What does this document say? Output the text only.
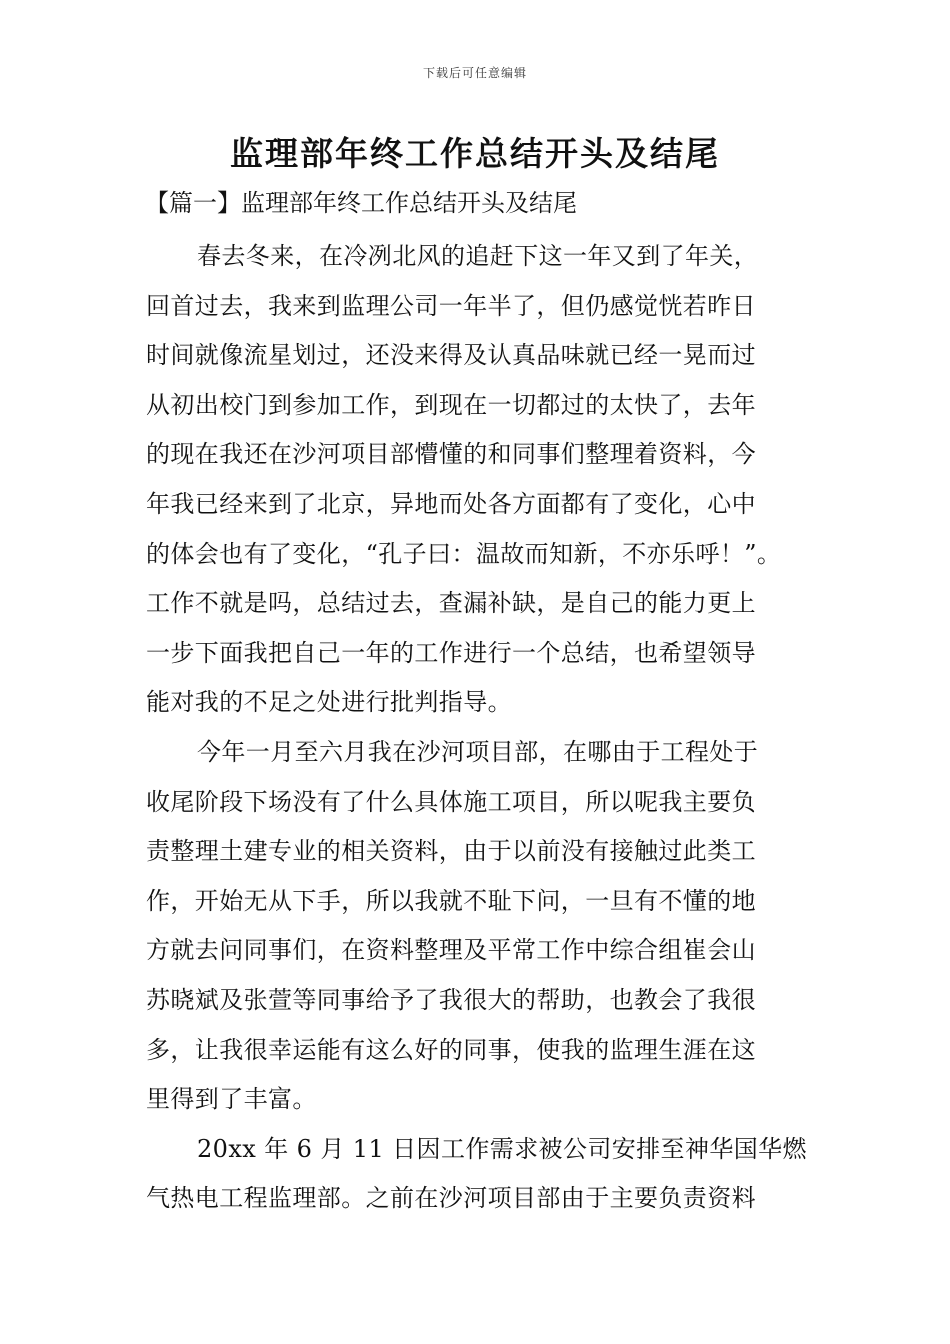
下载后可任意编辑
监理部年终工作总结开头及结尾
【篇一】监理部年终工作总结开头及结尾
春去冬来，在冷冽北风的追赶下这一年又到了年关，
回首过去，我来到监理公司一年半了，但仍感觉恍若昨日
时间就像流星划过，还没来得及认真品味就已经一晃而过
从初出校门到参加工作，到现在一切都过的太快了，去年
的现在我还在沙河项目部懵懂的和同事们整理着资料，今
年我已经来到了北京，异地而处各方面都有了变化，心中
的体会也有了变化，“孔子曰：温故而知新，不亦乐呼！”。
工作不就是吗，总结过去，查漏补缺，是自己的能力更上
一步下面我把自己一年的工作进行一个总结，也希望领导
能对我的不足之处进行批判指导。
今年一月至六月我在沙河项目部，在哪由于工程处于
收尾阶段下场没有了什么具体施工项目，所以呢我主要负
责整理土建专业的相关资料，由于以前没有接触过此类工
作，开始无从下手，所以我就不耻下问，一旦有不懂的地
方就去问同事们，在资料整理及平常工作中综合组崔会山
苏晓斌及张萱等同事给予了我很大的帮助，也教会了我很
多，让我很幸运能有这么好的同事，使我的监理生涯在这
里得到了丰富。
20xx 年 6 月 11 日因工作需求被公司安排至神华国华燃
气热电工程监理部。之前在沙河项目部由于主要负责资料
